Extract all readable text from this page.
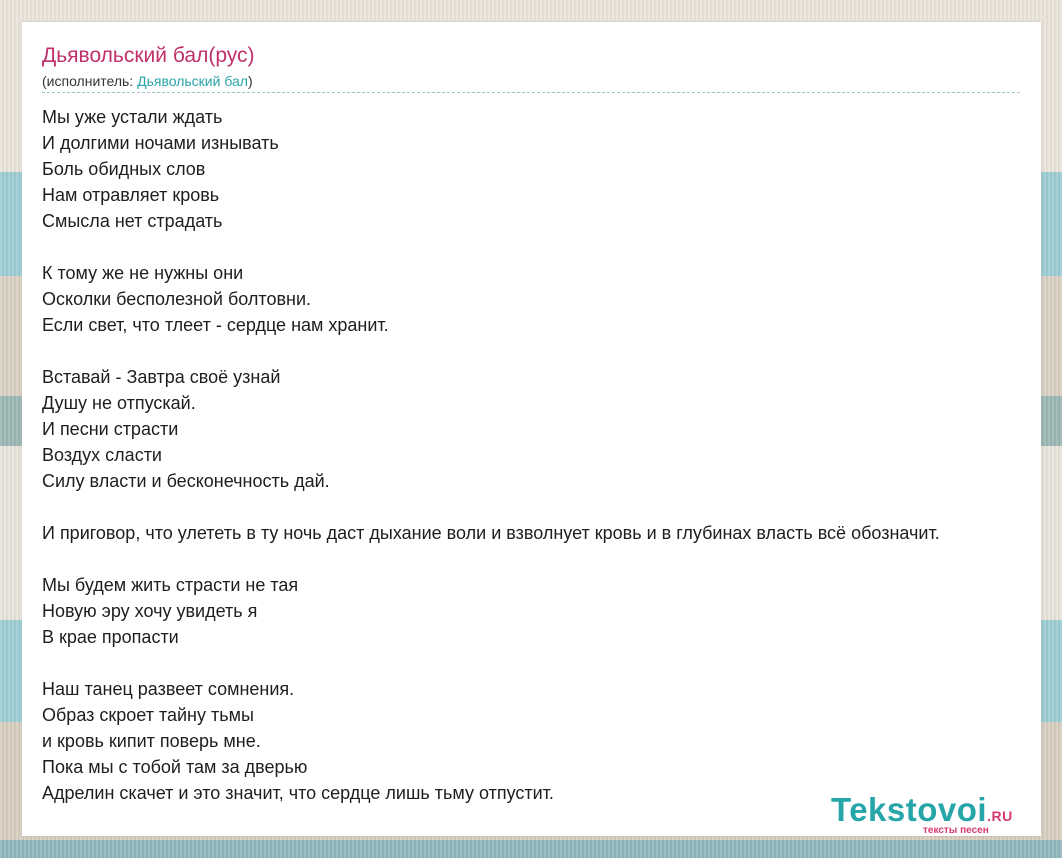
Дьявольский бал(рус)
(исполнитель: Дьявольский бал)
Мы уже устали ждать
И долгими ночами изнывать
Боль обидных слов
Нам отравляет кровь
Смысла нет страдать
К тому же не нужны они
Осколки бесполезной болтовни.
Если свет, что тлеет - сердце нам хранит.
Вставай - Завтра своё узнай
Душу не отпускай.
И песни страсти
Воздух сласти
Силу власти и бесконечность дай.
И приговор, что улететь в ту ночь даст дыхание воли и взволнует кровь и в глубинах власть всё обозначит.
Мы будем жить страсти не тая
Новую эру хочу увидеть я
В крае пропасти
Наш танец развеет сомнения.
Образ скроет тайну тьмы
и кровь кипит поверь мне.
Пока мы с тобой там за дверью
Адрелин скачет и это значит, что сердце лишь тьму отпустит.	Tekstovoi.RU
тексты песен
